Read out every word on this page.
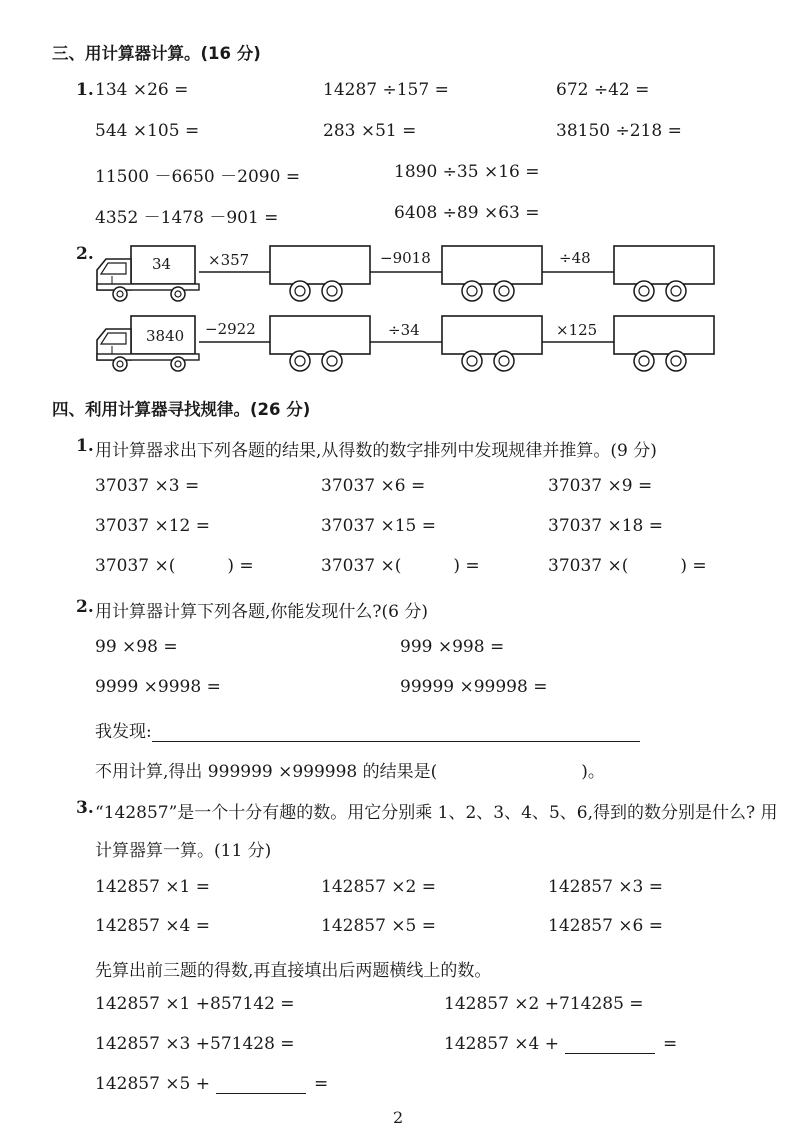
三、用计算器计算。(16 分)
1. 134 ×26 =	14287 ÷157 =	672 ÷42 =
544 ×105 =	283 ×51 =	38150 ÷218 =
11500 －6650 －2090 =	1890 ÷35 ×16 =
4352 －1478 －901 =	6408 ÷89 ×63 =
2.	34 ×357	−9018	÷48
3840 −2922	÷34	×125
四、利用计算器寻找规律。(26 分)
1. 用计算器求出下列各题的结果,从得数的数字排列中发现规律并推算。(9 分)
37037 ×3 =	37037 ×6 =	37037 ×9 =
37037 ×12 =	37037 ×15 =	37037 ×18 =
37037 ×(	) =	37037 ×(	) =	37037 ×(	) =
2. 用计算器计算下列各题,你能发现什么?(6 分)
99 ×98 =	999 ×998 =
9999 ×9998 =	99999 ×99998 =
我发现:
不用计算,得出 999999 ×999998 的结果是(	)。
3. “142857”是一个十分有趣的数。用它分别乘 1、2、3、4、5、6,得到的数分别是什么? 用
计算器算一算。(11 分)
142857 ×1 =	142857 ×2 =	142857 ×3 =
142857 ×4 =	142857 ×5 =	142857 ×6 =
先算出前三题的得数,再直接填出后两题横线上的数。
142857 ×1 +857142 =	142857 ×2 +714285 =
142857 ×3 +571428 =	142857 ×4 +	=
142857 ×5 +	=
2
